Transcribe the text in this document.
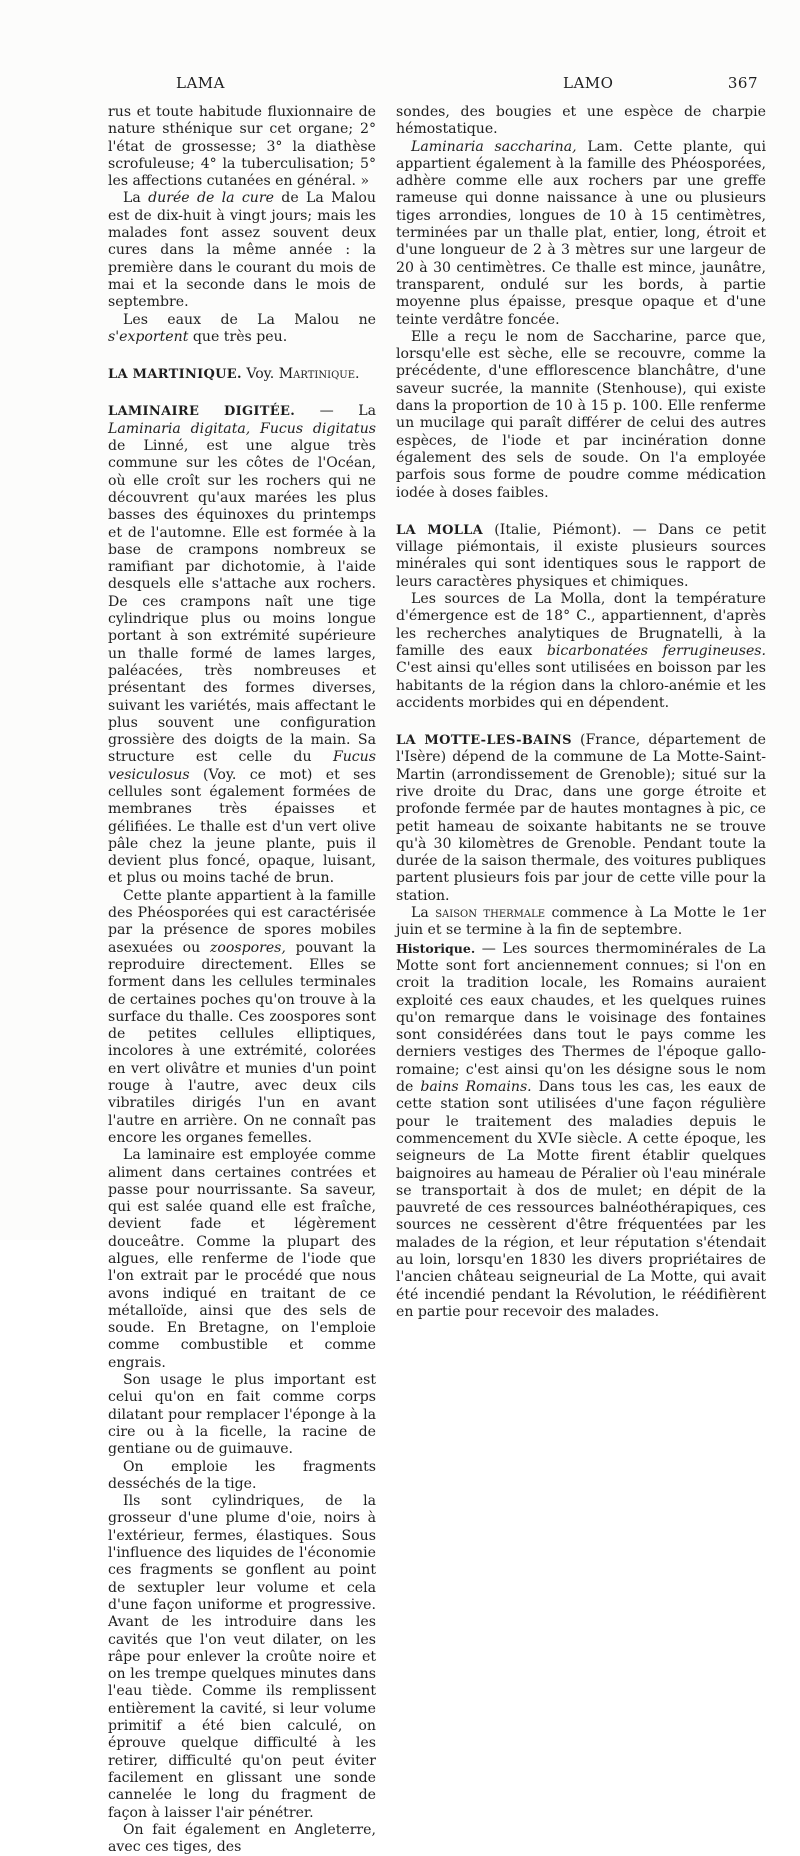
LAMA	LAMO	367

rus et toute habitude fluxionnaire de nature sthénique sur cet organe; 2° l'état de grossesse; 3° la diathèse scrofuleuse; 4° la tuberculisation; 5° les affections cutanées en général. »

La durée de la cure de La Malou est de dix-huit à vingt jours; mais les malades font assez souvent deux cures dans la même année : la première dans le courant du mois de mai et la seconde dans le mois de septembre.

Les eaux de La Malou ne s'exportent que très peu.

LA MARTINIQUE. Voy. Martinique.

LAMINAIRE DIGITÉE. — La Laminaria digitata, Fucus digitatus de Linné, est une algue très commune sur les côtes de l'Océan, où elle croît sur les rochers qui ne découvrent qu'aux marées les plus basses des équinoxes du printemps et de l'automne. Elle est formée à la base de crampons nombreux se ramifiant par dichotomie, à l'aide desquels elle s'attache aux rochers. De ces crampons naît une tige cylindrique plus ou moins longue portant à son extrémité supérieure un thalle formé de lames larges, paléacées, très nombreuses et présentant des formes diverses, suivant les variétés, mais affectant le plus souvent une configuration grossière des doigts de la main. Sa structure est celle du Fucus vesiculosus (Voy. ce mot) et ses cellules sont également formées de membranes très épaisses et gélifiées. Le thalle est d'un vert olive pâle chez la jeune plante, puis il devient plus foncé, opaque, luisant, et plus ou moins taché de brun.

Cette plante appartient à la famille des Phéosporées qui est caractérisée par la présence de spores mobiles asexuées ou zoospores, pouvant la reproduire directement. Elles se forment dans les cellules terminales de certaines poches qu'on trouve à la surface du thalle. Ces zoospores sont de petites cellules elliptiques, incolores à une extrémité, colorées en vert olivâtre et munies d'un point rouge à l'autre, avec deux cils vibratiles dirigés l'un en avant l'autre en arrière. On ne connaît pas encore les organes femelles.

La laminaire est employée comme aliment dans certaines contrées et passe pour nourrissante. Sa saveur, qui est salée quand elle est fraîche, devient fade et légèrement douceâtre. Comme la plupart des algues, elle renferme de l'iode que l'on extrait par le procédé que nous avons indiqué en traitant de ce métalloïde, ainsi que des sels de soude. En Bretagne, on l'emploie comme combustible et comme engrais.

Son usage le plus important est celui qu'on en fait comme corps dilatant pour remplacer l'éponge à la cire ou à la ficelle, la racine de gentiane ou de guimauve.

On emploie les fragments desséchés de la tige.

Ils sont cylindriques, de la grosseur d'une plume d'oie, noirs à l'extérieur, fermes, élastiques. Sous l'influence des liquides de l'économie ces fragments se gonflent au point de sextupler leur volume et cela d'une façon uniforme et progressive. Avant de les introduire dans les cavités que l'on veut dilater, on les râpe pour enlever la croûte noire et on les trempe quelques minutes dans l'eau tiède. Comme ils remplissent entièrement la cavité, si leur volume primitif a été bien calculé, on éprouve quelque difficulté à les retirer, difficulté qu'on peut éviter facilement en glissant une sonde cannelée le long du fragment de façon à laisser l'air pénétrer.

On fait également en Angleterre, avec ces tiges, des

sondes, des bougies et une espèce de charpie hémostatique.

Laminaria saccharina, Lam. Cette plante, qui appartient également à la famille des Phéosporées, adhère comme elle aux rochers par une greffe rameuse qui donne naissance à une ou plusieurs tiges arrondies, longues de 10 à 15 centimètres, terminées par un thalle plat, entier, long, étroit et d'une longueur de 2 à 3 mètres sur une largeur de 20 à 30 centimètres. Ce thalle est mince, jaunâtre, transparent, ondulé sur les bords, à partie moyenne plus épaisse, presque opaque et d'une teinte verdâtre foncée.

Elle a reçu le nom de Saccharine, parce que, lorsqu'elle est sèche, elle se recouvre, comme la précédente, d'une efflorescence blanchâtre, d'une saveur sucrée, la mannite (Stenhouse), qui existe dans la proportion de 10 à 15 p. 100. Elle renferme un mucilage qui paraît différer de celui des autres espèces, de l'iode et par incinération donne également des sels de soude. On l'a employée parfois sous forme de poudre comme médication iodée à doses faibles.

LA MOLLA (Italie, Piémont). — Dans ce petit village piémontais, il existe plusieurs sources minérales qui sont identiques sous le rapport de leurs caractères physiques et chimiques.

Les sources de La Molla, dont la température d'émergence est de 18° C., appartiennent, d'après les recherches analytiques de Brugnatelli, à la famille des eaux bicarbonatées ferrugineuses. C'est ainsi qu'elles sont utilisées en boisson par les habitants de la région dans la chloro-anémie et les accidents morbides qui en dépendent.

LA MOTTE-LES-BAINS (France, département de l'Isère) dépend de la commune de La Motte-Saint-Martin (arrondissement de Grenoble); situé sur la rive droite du Drac, dans une gorge étroite et profonde fermée par de hautes montagnes à pic, ce petit hameau de soixante habitants ne se trouve qu'à 30 kilomètres de Grenoble. Pendant toute la durée de la saison thermale, des voitures publiques partent plusieurs fois par jour de cette ville pour la station.

La saison thermale commence à La Motte le 1er juin et se termine à la fin de septembre.

Historique. — Les sources thermominérales de La Motte sont fort anciennement connues; si l'on en croit la tradition locale, les Romains auraient exploité ces eaux chaudes, et les quelques ruines qu'on remarque dans le voisinage des fontaines sont considérées dans tout le pays comme les derniers vestiges des Thermes de l'époque gallo-romaine; c'est ainsi qu'on les désigne sous le nom de bains Romains. Dans tous les cas, les eaux de cette station sont utilisées d'une façon régulière pour le traitement des maladies depuis le commencement du XVIe siècle. A cette époque, les seigneurs de La Motte firent établir quelques baignoires au hameau de Péralier où l'eau minérale se transportait à dos de mulet; en dépit de la pauvreté de ces ressources balnéothérapiques, ces sources ne cessèrent d'être fréquentées par les malades de la région, et leur réputation s'étendait au loin, lorsqu'en 1830 les divers propriétaires de l'ancien château seigneurial de La Motte, qui avait été incendié pendant la Révolution, le réédifièrent en partie pour recevoir des malades.
